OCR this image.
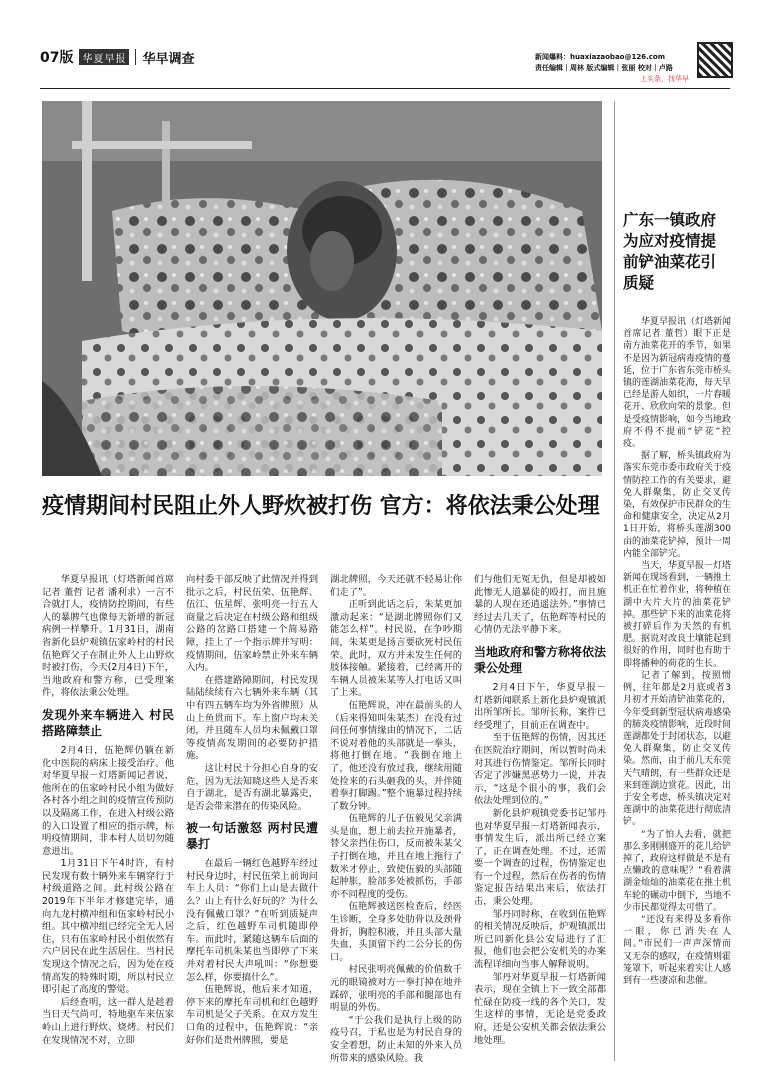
07版 华夏早报 华早调查	新闻爆料：huaxiazaobao@126.com
责任编辑｜周林 版式编辑｜张丽 校对｜卢路
上头条，找华早
疫情期间村民阻止外人野炊被打伤 官方：将依法秉公处理

华夏早报讯（灯塔新闻首席记者 董哲 记者 潘利求）一言不合就打人，疫情防控期间，有些人的暴脾气也像每天新增的新冠病例一样攀升。1月31日，湖南省新化县炉观镇伍家岭村的村民伍艳辉父子在制止外人上山野炊时被打伤，今天(2月4日)下午，当地政府和警方称，已受理案件，将依法秉公处理。

发现外来车辆进入 村民搭路障禁止

2月4日，伍艳辉仍躺在新化中医院的病床上接受治疗。他对华夏早报－灯塔新闻记者说，他所在的伍家岭村民小组为做好各村各小组之间的疫情宣传预防以及隔离工作，在进入村级公路的入口设置了相应的指示牌，标明疫情期间，非本村人员切勿随意进出。

1月31日下午4时许，有村民发现有数十辆外来车辆穿行于村级道路之间。此村级公路在2019年下半年才修建完毕，通向九龙村横冲组和伍家岭村民小组。其中横冲组已经完全无人居住，只有伍家岭村民小组依然有六户居民在此生活居住。当村民发现这个情况之后，因为处在疫情高发的特殊时期，所以村民立即引起了高度的警觉。

后经查明，这一群人是趁着当日天气尚可，特地驱车来伍家岭山上进行野炊、烧烤。村民们在发现情况不对，立即

向村委干部反映了此情况并得到批示之后，村民伍荣、伍艳辉、伍江、伍星辉、张明亮一行五人商量之后决定在村级公路和组级公路的岔路口搭建一个简易路障，挂上了一个指示牌并写明：疫情期间，伍家岭禁止外来车辆入内。

在搭建路障期间，村民发现陆陆续续有六七辆外来车辆（其中有四五辆车均为外省牌照）从山上鱼贯而下。车上窗户均未关闭，并且随车人员均未佩戴口罩等疫情高发期间的必要防护措施。

这让村民十分担心自身的安危，因为无法知晓这些人是否来自于湖北，是否有湖北暴露史，是否会带来潜在的传染风险。

被一句话激怒 两村民遭暴打

在最后一辆红色越野车经过村民身边时，村民伍荣上前询问车上人员：“你们上山是去做什么？山上有什么好玩的？为什么没有佩戴口罩？”在听到质疑声之后，红色越野车司机随即停车。而此时，紧随这辆车后面的摩托车司机朱某也当即停了下来并对着村民大声吼叫：“你想要怎么样，你要搞什么”。

伍艳辉说，他后来才知道，停下来的摩托车司机和红色越野车司机是父子关系。在双方发生口角的过程中，伍艳辉说：“亲好你们是贵州牌照，要是

湖北牌照，今天还就不轻易让你们走了”。

正听到此话之后，朱某更加激动起来：“是湖北牌照你们又能怎么样”。村民说，在争吵期间，朱某更是扬言要砍死村民伍荣。此时，双方并未发生任何的肢体接触。紧接着，已经离开的车辆人员被朱某等人打电话又叫了上来。

伍艳辉说，冲在最前头的人（后来得知叫朱某杰）在没有过问任何事情缘由的情况下，二话不说对着他的头部就是一拳头，将他打倒在地。“我倒在地上了，他还没有放过我，继续用随处捡来的石头砸我的头，并伴随着拳打脚踢。”整个施暴过程持续了数分钟。

伍艳辉的儿子伍毅见父亲满头是血，想上前去拉开施暴者，替父亲挡住伤口，反而被朱某父子打倒在地，并且在地上拖行了数米才停止，致使伍毅的头部随起肿胀，脸部多处被抓伤，手部亦不同程度的受伤。

伍艳辉被送医检查后，经医生诊断，全身多处肋骨以及颈骨骨折，胸腔积液，并且头部大量失血，头顶留下约二公分长的伤口。

村民张明亮佩戴的价值数千元的眼镜被对方一拳打掉在地并踩碎，张明亮的手部和腿部也有明显的外伤。

“于公我们是执行上级的防疫号召，于私也是为村民自身的安全着想，防止未知的外来人员所带来的感染风险。我

们与他们无冤无仇，但是却被如此惨无人道暴徒的殴打，而且施暴的人现在还逍遥法外。”事情已经过去几天了，伍艳辉等村民的心情仍无法平静下来。

当地政府和警方称将依法秉公处理

2月4日下午，华夏早报－灯塔新闻联系上新化县炉观镇派出所邹所长。邹所长称，案件已经受理了，目前正在调查中。

至于伍艳辉的伤情，因其还在医院治疗期间，所以暂时尚未对其进行伤情鉴定。邹所长同时否定了涉嫌黑恶势力一说，并表示，“这是个很小的事，我们会依法处理到位的。”

新化县炉观镇党委书记邹丹也对华夏早报－灯塔新闻表示，事情发生后，派出所已经立案了，正在调查处理。不过，还需要一个调查的过程，伤情鉴定也有一个过程，然后在伤者的伤情鉴定报告结果出来后，依法打击，秉公处理。

邹丹同时称，在收到伍艳辉的相关情况反映后，炉观镇派出所已同新化县公安局进行了汇报，他们也会把公安机关的办案流程详细向当事人解释说明。

邹丹对华夏早报－灯塔新闻表示，现在全镇上下一致全部都忙碌在防疫一线的各个关口，发生这样的事情，无论是党委政府，还是公安机关都会依法秉公地处理。

广东一镇政府为应对疫情提前铲油菜花引质疑

华夏早报讯（灯塔新闻首席记者 董哲）眼下正是南方油菜花开的季节，如果不是因为新冠病毒疫情的蔓延，位于广东省东莞市桥头镇的莲湖油菜花海，每天早已经是游人如织，一片春暖花开、欣欣向荣的景象。但是受疫情影响，如今当地政府不得不提前“铲花”控疫。

据了解，桥头镇政府为落实东莞市委市政府关于疫情防控工作的有关要求，避免人群聚集，防止交叉传染，有效保护市民群众的生命和健康安全，决定从2月1日开始，将桥头莲湖300亩的油菜花铲掉，预计一周内能全部铲完。

当天，华夏早报－灯塔新闻在现场看到，一辆推土机正在忙着作业，将种植在湖中大片大片的油菜花铲掉。那些铲下来的油菜花将被打碎后作为天然的有机肥。据说对改良土壤能起到很好的作用，同时也有助于即将播种的荷花的生长。

记者了解到，按照惯例，往年都是2月底或者3月初才开始清铲油菜花的，今年受到新型冠状病毒感染的肺炎疫情影响，近段时间莲湖都处于封闭状态，以避免人群聚集，防止交叉传染。然而，由于前几天东莞天气晴朗，有一些群众还是来到莲湖边赏花。因此，出于安全考虑，桥头镇决定对莲湖中的油菜花进行彻底清铲。

“为了怕人去看，就把那么多刚刚盛开的花儿给铲掉了，政府这样做是不是有点懒政的意味呢？”看着满湖金灿灿的油菜花在推土机车轮的碾动中倒下，当地不少市民都觉得太可惜了。

“还没有来得及多看你一眼，你已消失在人间。”市民们一声声深情而又无奈的感叹，在疫情则霍笼罩下，听起来着实让人感到有一些凄凉和悲催。
